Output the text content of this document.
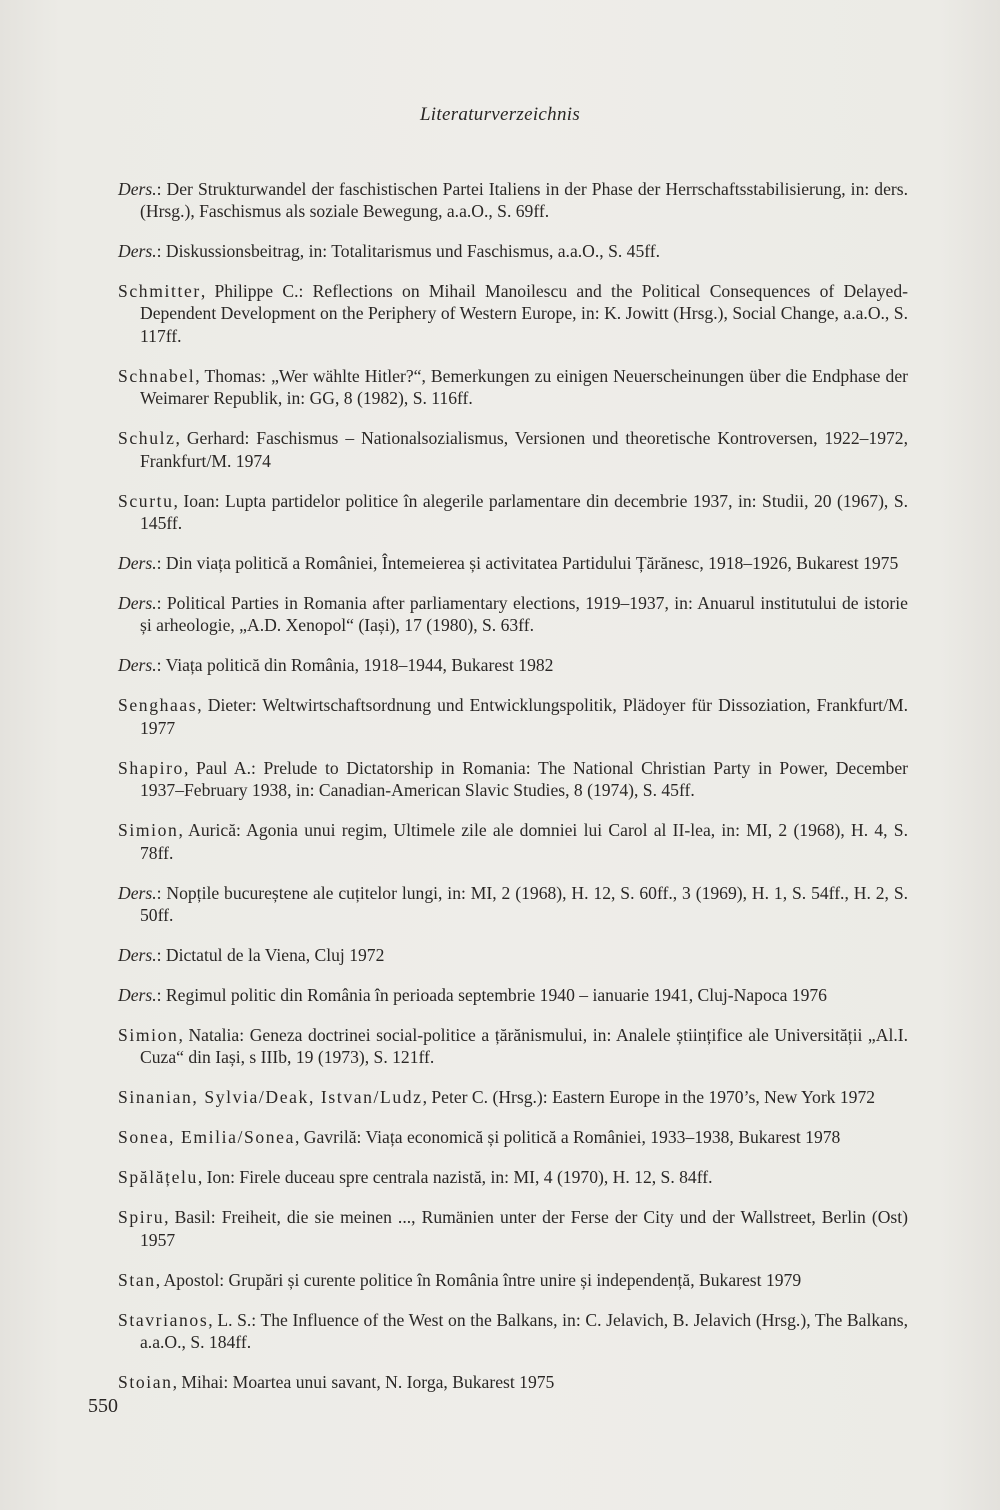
Literaturverzeichnis

Ders.: Der Strukturwandel der faschistischen Partei Italiens in der Phase der Herrschaftsstabilisierung, in: ders. (Hrsg.), Faschismus als soziale Bewegung, a.a.O., S. 69ff.

Ders.: Diskussionsbeitrag, in: Totalitarismus und Faschismus, a.a.O., S. 45ff.

Schmitter, Philippe C.: Reflections on Mihail Manoilescu and the Political Consequences of Delayed-Dependent Development on the Periphery of Western Europe, in: K. Jowitt (Hrsg.), Social Change, a.a.O., S. 117ff.

Schnabel, Thomas: „Wer wählte Hitler?“, Bemerkungen zu einigen Neuerscheinungen über die Endphase der Weimarer Republik, in: GG, 8 (1982), S. 116ff.

Schulz, Gerhard: Faschismus – Nationalsozialismus, Versionen und theoretische Kontroversen, 1922–1972, Frankfurt/M. 1974

Scurtu, Ioan: Lupta partidelor politice în alegerile parlamentare din decembrie 1937, in: Studii, 20 (1967), S. 145ff.

Ders.: Din viața politică a României, Întemeierea și activitatea Partidului Țărănesc, 1918–1926, Bukarest 1975

Ders.: Political Parties in Romania after parliamentary elections, 1919–1937, in: Anuarul institutului de istorie și arheologie, „A.D. Xenopol“ (Iași), 17 (1980), S. 63ff.

Ders.: Viața politică din România, 1918–1944, Bukarest 1982

Senghaas, Dieter: Weltwirtschaftsordnung und Entwicklungspolitik, Plädoyer für Dissoziation, Frankfurt/M. 1977

Shapiro, Paul A.: Prelude to Dictatorship in Romania: The National Christian Party in Power, December 1937–February 1938, in: Canadian-American Slavic Studies, 8 (1974), S. 45ff.

Simion, Aurică: Agonia unui regim, Ultimele zile ale domniei lui Carol al II-lea, in: MI, 2 (1968), H. 4, S. 78ff.

Ders.: Nopțile bucureștene ale cuțitelor lungi, in: MI, 2 (1968), H. 12, S. 60ff., 3 (1969), H. 1, S. 54ff., H. 2, S. 50ff.

Ders.: Dictatul de la Viena, Cluj 1972

Ders.: Regimul politic din România în perioada septembrie 1940 – ianuarie 1941, Cluj-Napoca 1976

Simion, Natalia: Geneza doctrinei social-politice a țărănismului, in: Analele științifice ale Universității „Al.I. Cuza“ din Iași, s IIIb, 19 (1973), S. 121ff.

Sinanian, Sylvia/Deak, Istvan/Ludz, Peter C. (Hrsg.): Eastern Europe in the 1970’s, New York 1972

Sonea, Emilia/Sonea, Gavrilă: Viața economică și politică a României, 1933–1938, Bukarest 1978

Spălățelu, Ion: Firele duceau spre centrala nazistă, in: MI, 4 (1970), H. 12, S. 84ff.

Spiru, Basil: Freiheit, die sie meinen ..., Rumänien unter der Ferse der City und der Wallstreet, Berlin (Ost) 1957

Stan, Apostol: Grupări și curente politice în România între unire și independență, Bukarest 1979

Stavrianos, L. S.: The Influence of the West on the Balkans, in: C. Jelavich, B. Jelavich (Hrsg.), The Balkans, a.a.O., S. 184ff.

Stoian, Mihai: Moartea unui savant, N. Iorga, Bukarest 1975

550
